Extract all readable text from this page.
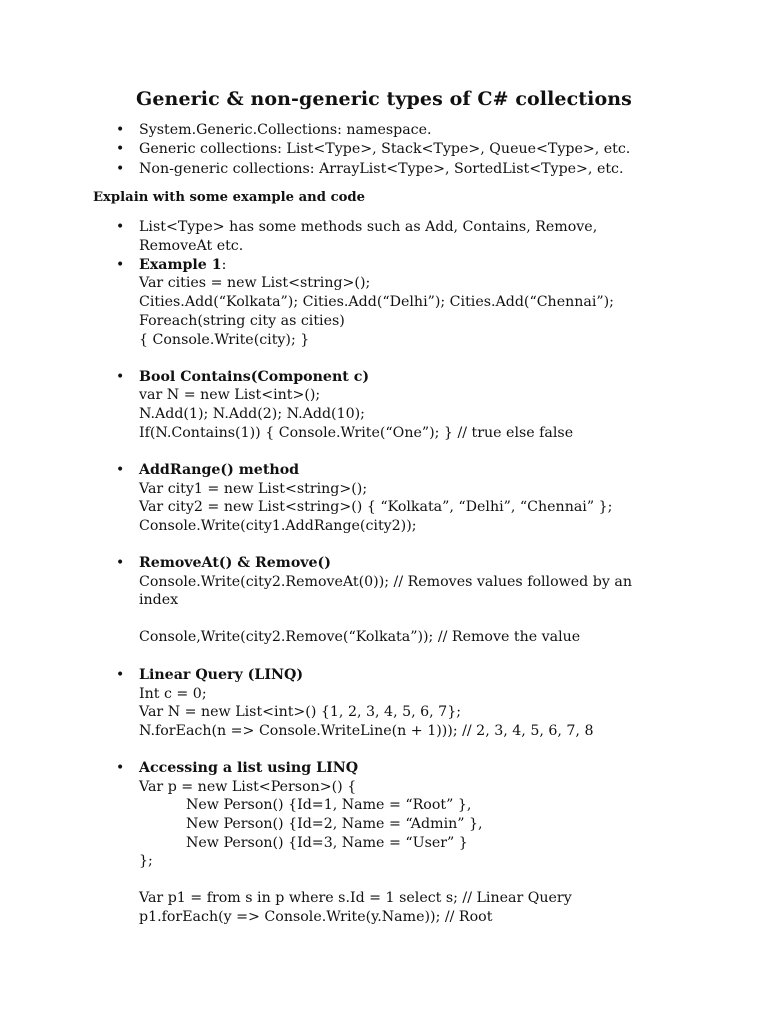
Generic & non-generic types of C# collections
• System.Generic.Collections: namespace.
• Generic collections: List<Type>, Stack<Type>, Queue<Type>, etc.
• Non-generic collections: ArrayList<Type>, SortedList<Type>, etc.
Explain with some example and code
• List<Type> has some methods such as Add, Contains, Remove,
RemoveAt etc.
• Example 1:
Var cities = new List<string>();
Cities.Add(“Kolkata”); Cities.Add(“Delhi”); Cities.Add(“Chennai”);
Foreach(string city as cities)
{ Console.Write(city); }
• Bool Contains(Component c)
var N = new List<int>();
N.Add(1); N.Add(2); N.Add(10);
If(N.Contains(1)) { Console.Write(“One”); } // true else false
• AddRange() method
Var city1 = new List<string>();
Var city2 = new List<string>() { “Kolkata”, “Delhi”, “Chennai” };
Console.Write(city1.AddRange(city2));
• RemoveAt() & Remove()
Console.Write(city2.RemoveAt(0)); // Removes values followed by an
index
Console,Write(city2.Remove(“Kolkata”)); // Remove the value
• Linear Query (LINQ)
Int c = 0;
Var N = new List<int>() {1, 2, 3, 4, 5, 6, 7};
N.forEach(n => Console.WriteLine(n + 1))); // 2, 3, 4, 5, 6, 7, 8
• Accessing a list using LINQ
Var p = new List<Person>() {
New Person() {Id=1, Name = “Root” },
New Person() {Id=2, Name = “Admin” },
New Person() {Id=3, Name = “User” }
};
Var p1 = from s in p where s.Id = 1 select s; // Linear Query
p1.forEach(y => Console.Write(y.Name)); // Root
